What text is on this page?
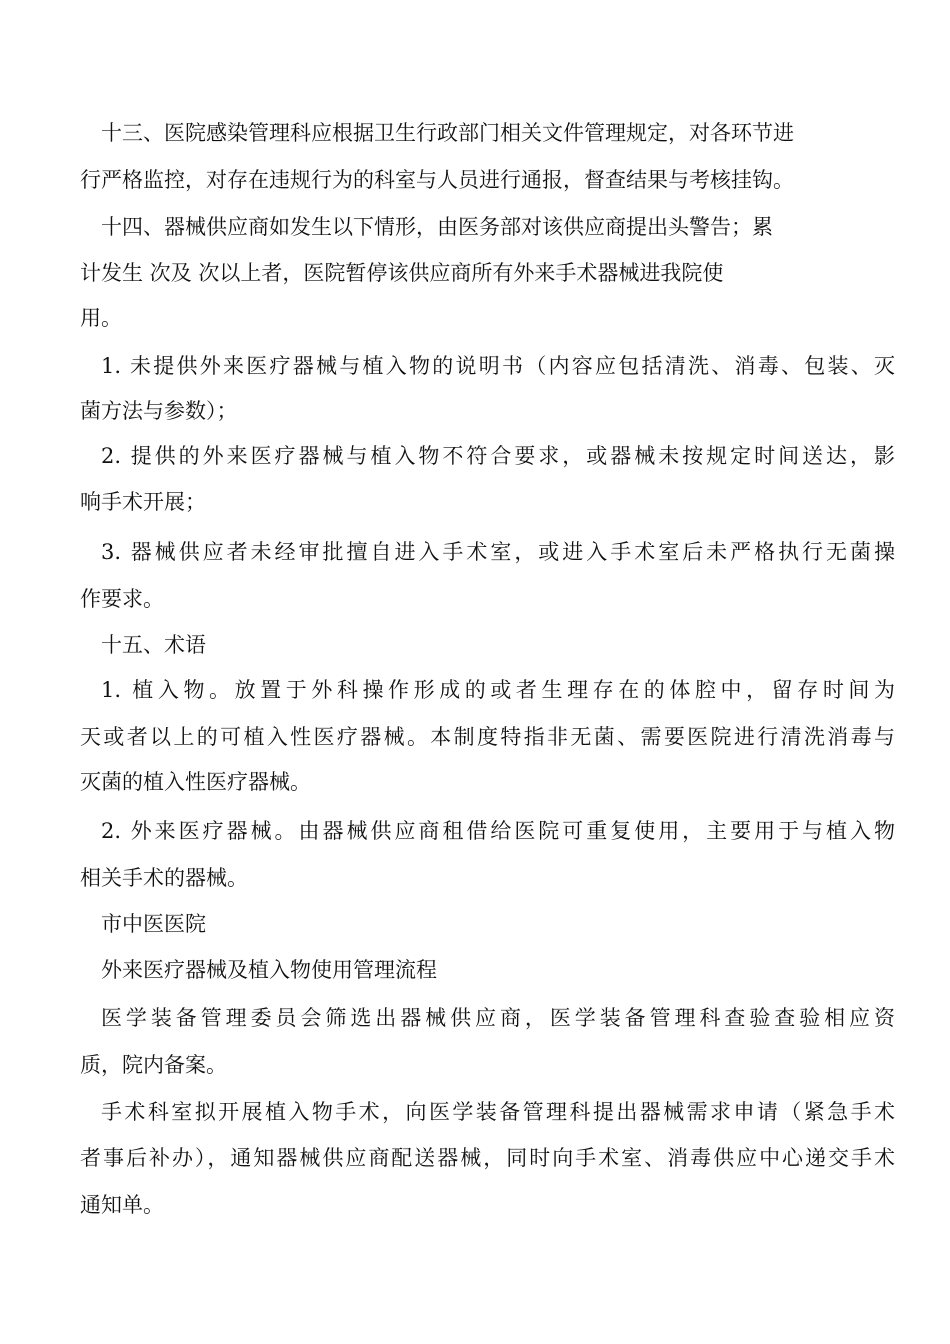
十三、医院感染管理科应根据卫生行政部门相关文件管理规定，对各环节进

行严格监控，对存在违规行为的科室与人员进行通报，督查结果与考核挂钩。

十四、器械供应商如发生以下情形，由医务部对该供应商提出头警告；累

计发生 次及 次以上者，医院暂停该供应商所有外来手术器械进我院使

用。

1. 未提供外来医疗器械与植入物的说明书（内容应包括清洗、消毒、包装、灭

菌方法与参数）；

2. 提供的外来医疗器械与植入物不符合要求，或器械未按规定时间送达，影

响手术开展；

3. 器械供应者未经审批擅自进入手术室，或进入手术室后未严格执行无菌操

作要求。

十五、术语

1. 植入物。放置于外科操作形成的或者生理存在的体腔中，留存时间为

天或者以上的可植入性医疗器械。本制度特指非无菌、需要医院进行清洗消毒与

灭菌的植入性医疗器械。

2. 外来医疗器械。由器械供应商租借给医院可重复使用，主要用于与植入物

相关手术的器械。

市中医医院

外来医疗器械及植入物使用管理流程

医学装备管理委员会筛选出器械供应商，医学装备管理科查验查验相应资

质，院内备案。

手术科室拟开展植入物手术，向医学装备管理科提出器械需求申请（紧急手术

者事后补办），通知器械供应商配送器械，同时向手术室、消毒供应中心递交手术

通知单。
